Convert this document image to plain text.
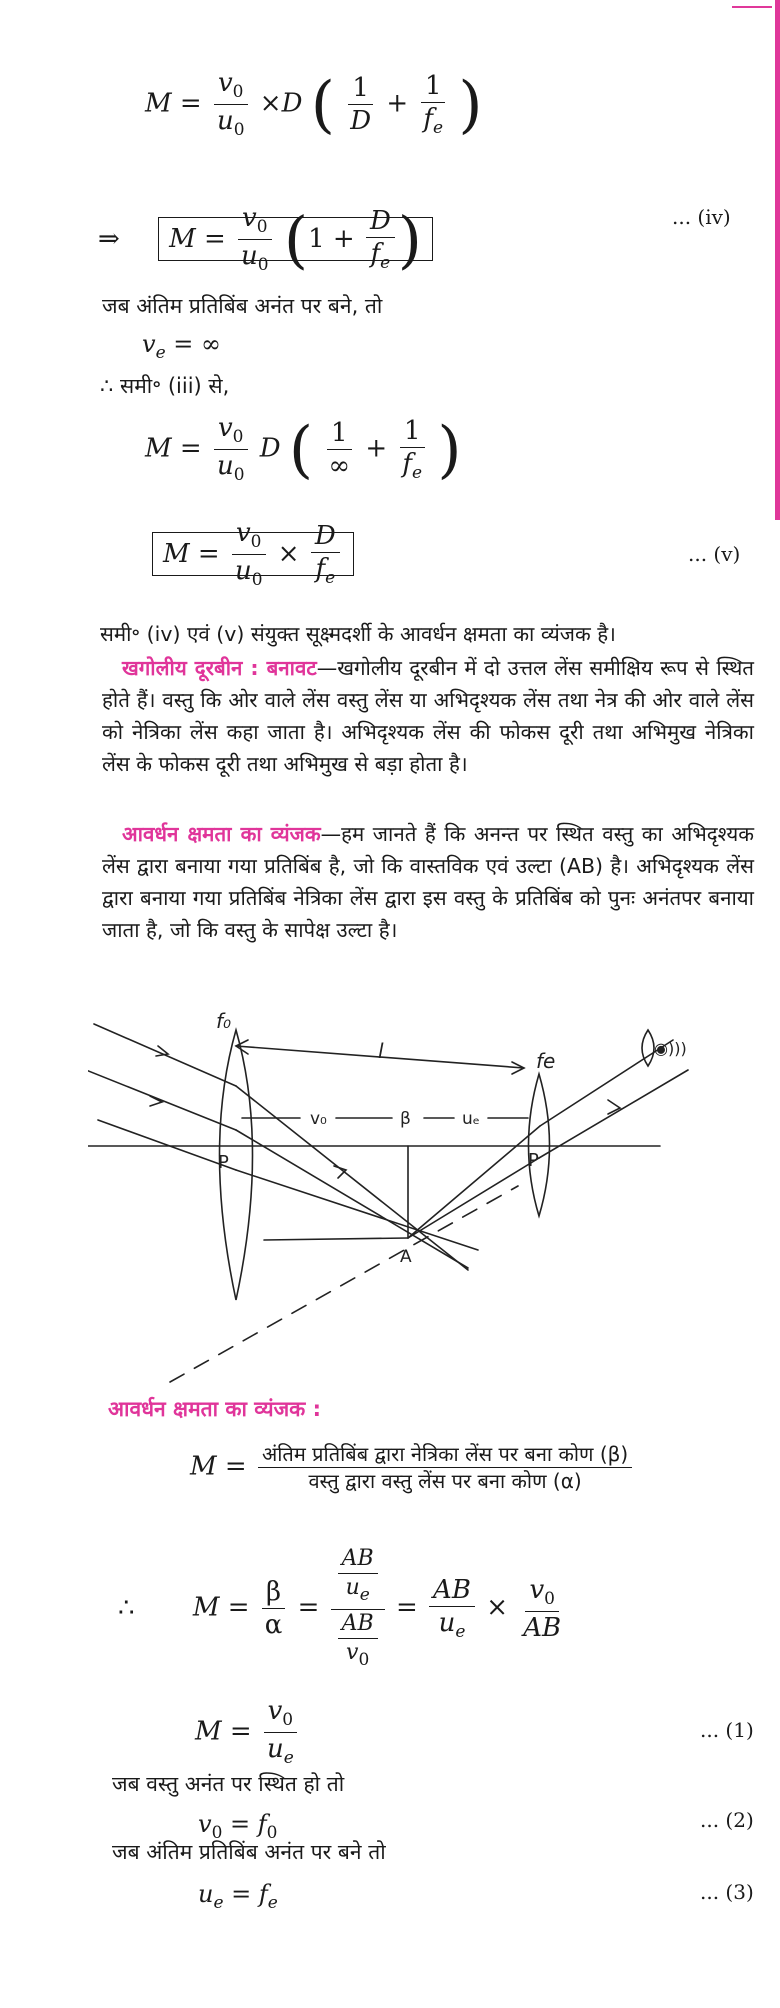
$M = \frac{v_0}{u_0} \times D$ ( $\frac{1}{D} + \frac{1}{f_e}$ )
⇒ $M = \frac{v_0}{u_0} (1 + \frac{D}{f_e}$ )	... (iv)
जब अंतिम प्रतिबिंब अनंत पर बने, तो
$v_e$ = ∞
∴ समी॰ (iii) से,
$M = \frac{v_0}{u_0}$ D ( $\frac{1}{\infty} + \frac{1}{f_e}$ )
$M = \frac{v_0}{u_0} \times \frac{D}{f_e}$	... (v)
समी॰ (iv) एवं (v) संयुक्त सूक्ष्मदर्शी के आवर्धन क्षमता का व्यंजक है।
खगोलीय दूरबीन : बनावट—खगोलीय दूरबीन में दो उत्तल लेंस समीक्षिय रूप से स्थित होते हैं। वस्तु कि ओर वाले लेंस वस्तु लेंस या अभिदृश्यक लेंस तथा नेत्र की ओर वाले लेंस को नेत्रिका लेंस कहा जाता है। अभिदृश्यक लेंस की फोकस दूरी तथा अभिमुख नेत्रिका लेंस के फोकस दूरी तथा अभिमुख से बड़ा होता है।
आवर्धन क्षमता का व्यंजक—हम जानते हैं कि अनन्त पर स्थित वस्तु का अभिदृश्यक लेंस द्वारा बनाया गया प्रतिबिंब है, जो कि वास्तविक एवं उल्टा (AB) है। अभिदृश्यक लेंस द्वारा बनाया गया प्रतिबिंब नेत्रिका लेंस द्वारा इस वस्तु के प्रतिबिंब को पुनः अनंतपर बनाया जाता है, जो कि वस्तु के सापेक्ष उल्टा है।
f₀
fe
l
v₀	β	uₑ
P	P
A
◉)))
आवर्धन क्षमता का व्यंजक :
$M = \frac{\text{अंतिम प्रतिबिंब द्वारा नेत्रिका लेंस पर बना कोण (β)}}{\text{वस्तु द्वारा वस्तु लेंस पर बना कोण (α)}}$
∴ $M = \frac{\beta}{\alpha} = \frac{\frac{AB}{u_e}}{\frac{AB}{v_0}} = \frac{AB}{u_e} \times \frac{v_0}{AB}$
$M = \frac{v_0}{u_e}$	... (1)
जब वस्तु अनंत पर स्थित हो तो
$v_0 = f_0$
... (2)
जब अंतिम प्रतिबिंब अनंत पर बने तो
$u_e = f_e$	... (3)
